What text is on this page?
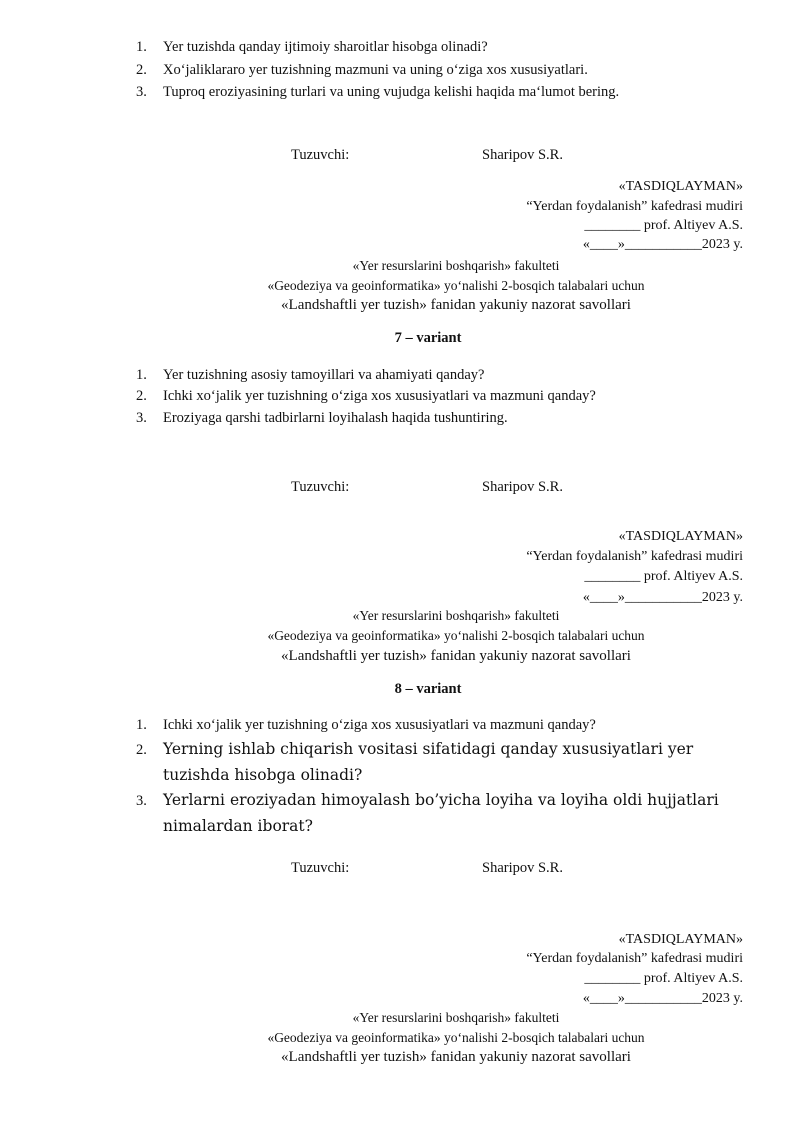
1. Yer tuzishda qanday ijtimoiy sharoitlar hisobga olinadi?
2. Xo‘jaliklararo yer tuzishning mazmuni va uning o‘ziga xos xususiyatlari.
3. Tuproq eroziyasining turlari va uning vujudga kelishi haqida ma‘lumot bering.
Tuzuvchi:	Sharipov S.R.
«TASDIQLAYMAN»
“Yerdan foydalanish” kafedrasi mudiri
________ prof. Altiyev A.S.
«____»___________2023 y.
«Yer resurslarini boshqarish» fakulteti
«Geodeziya va geoinformatika» yo‘nalishi 2-bosqich talabalari uchun
«Landshaftli yer tuzish» fanidan yakuniy nazorat savollari
7 – variant
1. Yer tuzishning asosiy tamoyillari va ahamiyati qanday?
2. Ichki xo‘jalik yer tuzishning o‘ziga xos xususiyatlari va mazmuni qanday?
3. Eroziyaga qarshi tadbirlarni loyihalash haqida tushuntiring.
Tuzuvchi:	Sharipov S.R.
«TASDIQLAYMAN»
“Yerdan foydalanish” kafedrasi mudiri
________ prof. Altiyev A.S.
«____»___________2023 y.
«Yer resurslarini boshqarish» fakulteti
«Geodeziya va geoinformatika» yo‘nalishi 2-bosqich talabalari uchun
«Landshaftli yer tuzish» fanidan yakuniy nazorat savollari
8 – variant
1. Ichki xo‘jalik yer tuzishning o‘ziga xos xususiyatlari va mazmuni qanday?
2. Yerning ishlab chiqarish vositasi sifatidagi qanday xususiyatlari yer tuzishda hisobga olinadi?
3. Yerlarni eroziyadan himoyalash bo’yicha loyiha va loyiha oldi hujjatlari nimalardan iborat?
Tuzuvchi:	Sharipov S.R.
«TASDIQLAYMAN»
“Yerdan foydalanish” kafedrasi mudiri
________ prof. Altiyev A.S.
«____»___________2023 y.
«Yer resurslarini boshqarish» fakulteti
«Geodeziya va geoinformatika» yo‘nalishi 2-bosqich talabalari uchun
«Landshaftli yer tuzish» fanidan yakuniy nazorat savollari
